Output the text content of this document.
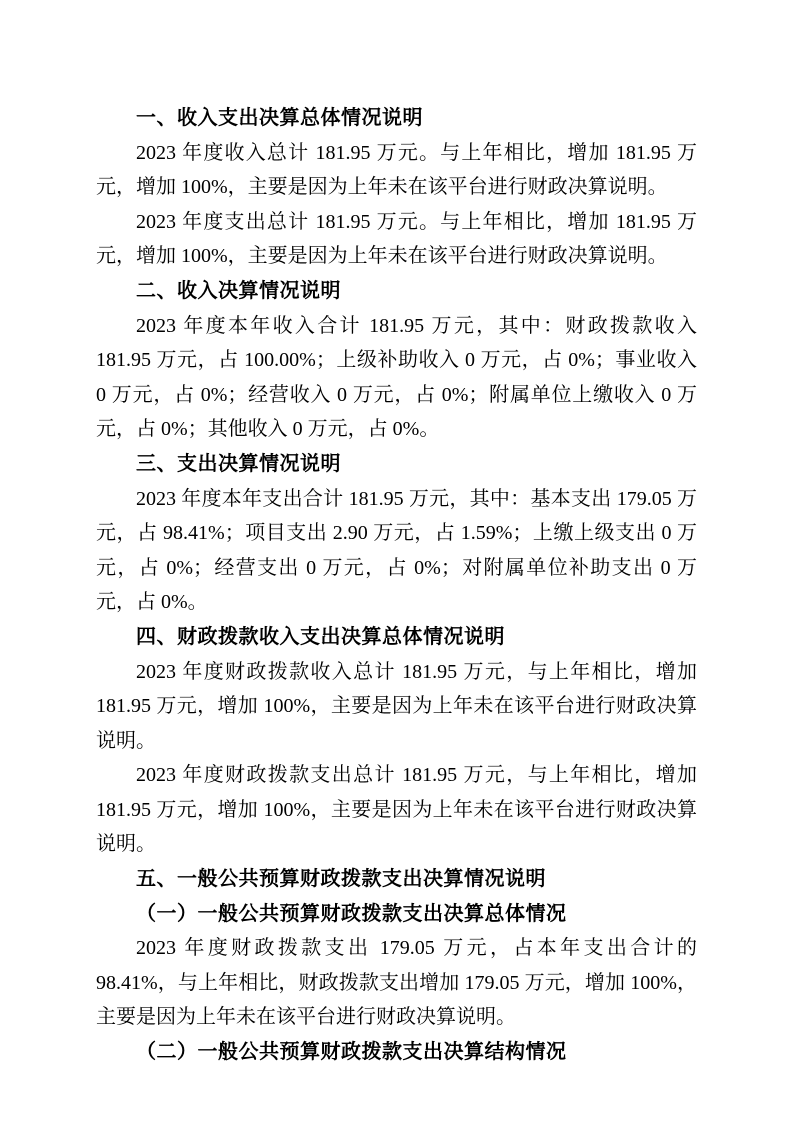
一、收入支出决算总体情况说明

2023 年度收入总计 181.95 万元。与上年相比，增加 181.95 万元，增加 100%，主要是因为上年未在该平台进行财政决算说明。

2023 年度支出总计 181.95 万元。与上年相比，增加 181.95 万元，增加 100%，主要是因为上年未在该平台进行财政决算说明。

二、收入决算情况说明

2023 年度本年收入合计 181.95 万元，其中：财政拨款收入 181.95 万元，占 100.00%；上级补助收入 0 万元，占 0%；事业收入 0 万元，占 0%；经营收入 0 万元，占 0%；附属单位上缴收入 0 万元，占 0%；其他收入 0 万元，占 0%。

三、支出决算情况说明

2023 年度本年支出合计 181.95 万元，其中：基本支出 179.05 万元，占 98.41%；项目支出 2.90 万元，占 1.59%；上缴上级支出 0 万元，占 0%；经营支出 0 万元，占 0%；对附属单位补助支出 0 万元，占 0%。

四、财政拨款收入支出决算总体情况说明

2023 年度财政拨款收入总计 181.95 万元，与上年相比，增加 181.95 万元，增加 100%，主要是因为上年未在该平台进行财政决算说明。

2023 年度财政拨款支出总计 181.95 万元，与上年相比，增加 181.95 万元，增加 100%，主要是因为上年未在该平台进行财政决算说明。

五、一般公共预算财政拨款支出决算情况说明
（一）一般公共预算财政拨款支出决算总体情况

2023 年度财政拨款支出 179.05 万元，占本年支出合计的 98.41%，与上年相比，财政拨款支出增加 179.05 万元，增加 100%，主要是因为上年未在该平台进行财政决算说明。

（二）一般公共预算财政拨款支出决算结构情况
